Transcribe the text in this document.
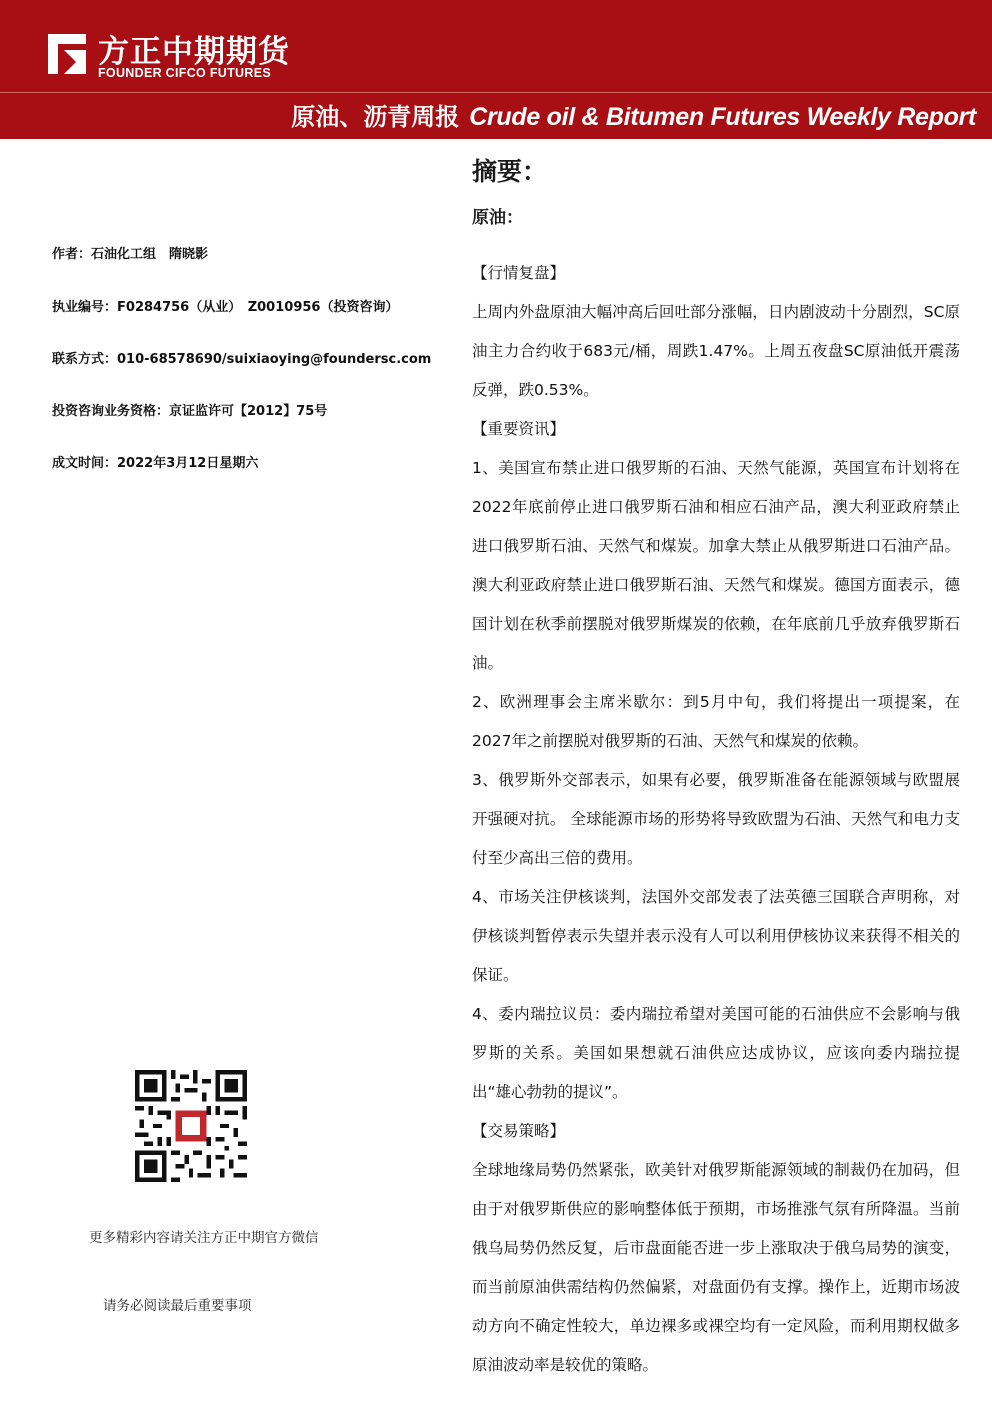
方正中期期货
FOUNDER CIFCO FUTURES
原油、沥青周报 Crude oil & Bitumen Futures Weekly Report
作者：石油化工组　隋晓影
执业编号：F0284756（从业）　Z0010956（投资咨询）
联系方式：010-68578690/suixiaoying@foundersc.com
投资咨询业务资格：京证监许可【2012】75号
成文时间：2022年3月12日星期六
更多精彩内容请关注方正中期官方微信
请务必阅读最后重要事项
摘要：
原油：

【行情复盘】

上周内外盘原油大幅冲高后回吐部分涨幅，日内剧波动十分剧烈，SC原油主力合约收于683元/桶，周跌1.47%。上周五夜盘SC原油低开震荡反弹，跌0.53%。

【重要资讯】

1、美国宣布禁止进口俄罗斯的石油、天然气能源，英国宣布计划将在2022年底前停止进口俄罗斯石油和相应石油产品，澳大利亚政府禁止进口俄罗斯石油、天然气和煤炭。加拿大禁止从俄罗斯进口石油产品。澳大利亚政府禁止进口俄罗斯石油、天然气和煤炭。德国方面表示，德国计划在秋季前摆脱对俄罗斯煤炭的依赖，在年底前几乎放弃俄罗斯石油。

2、欧洲理事会主席米歇尔：到5月中旬，我们将提出一项提案，在2027年之前摆脱对俄罗斯的石油、天然气和煤炭的依赖。

3、俄罗斯外交部表示，如果有必要，俄罗斯准备在能源领域与欧盟展开强硬对抗。 全球能源市场的形势将导致欧盟为石油、天然气和电力支付至少高出三倍的费用。

4、市场关注伊核谈判，法国外交部发表了法英德三国联合声明称，对伊核谈判暂停表示失望并表示没有人可以利用伊核协议来获得不相关的保证。

4、委内瑞拉议员：委内瑞拉希望对美国可能的石油供应不会影响与俄罗斯的关系。美国如果想就石油供应达成协议，应该向委内瑞拉提出“雄心勃勃的提议”。

【交易策略】

全球地缘局势仍然紧张，欧美针对俄罗斯能源领域的制裁仍在加码，但由于对俄罗斯供应的影响整体低于预期，市场推涨气氛有所降温。当前俄乌局势仍然反复，后市盘面能否进一步上涨取决于俄乌局势的演变，而当前原油供需结构仍然偏紧，对盘面仍有支撑。操作上，近期市场波动方向不确定性较大，单边裸多或裸空均有一定风险，而利用期权做多原油波动率是较优的策略。
